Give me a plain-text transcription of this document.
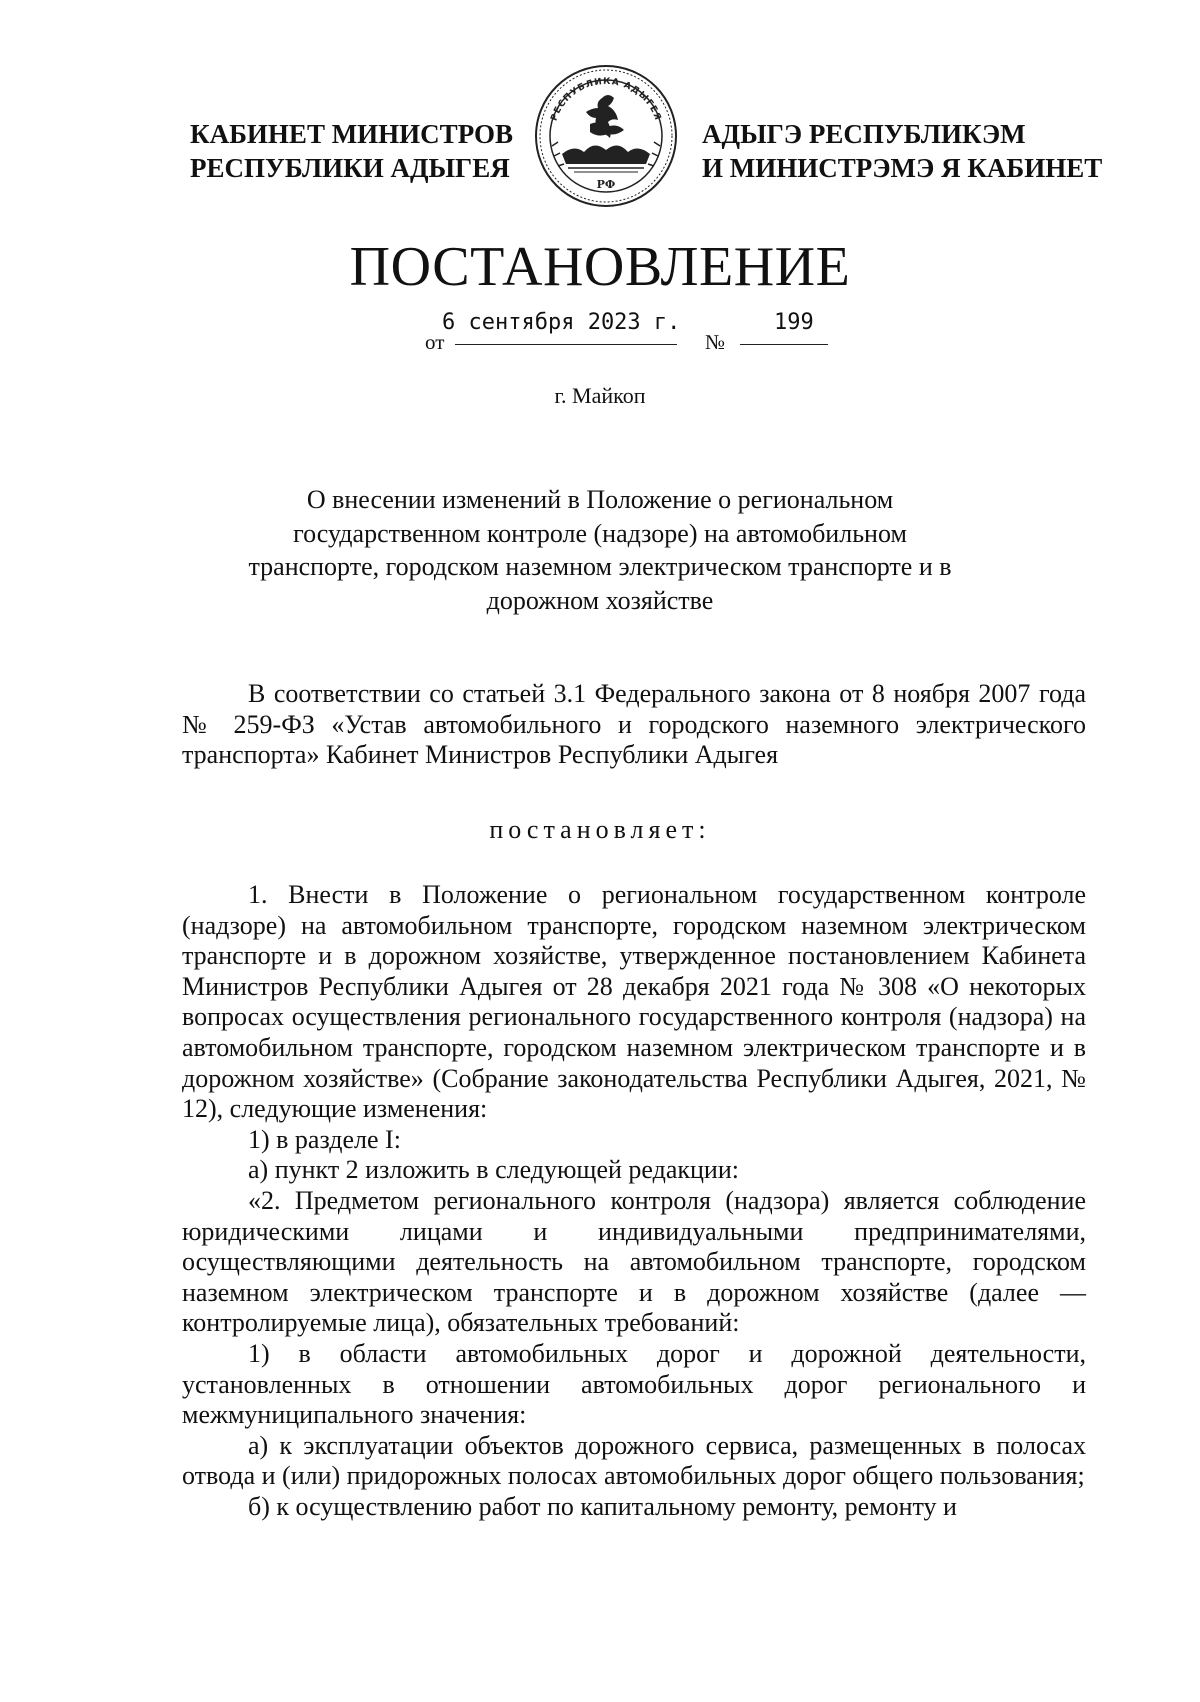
КАБИНЕТ МИНИСТРОВ
РЕСПУБЛИКИ АДЫГЕЯ
РЕСПУБЛИКА АДЫГЕЯ
РФ
АДЫГЭ РЕСПУБЛИКЭМ
И МИНИСТРЭМЭ Я КАБИНЕТ
ПОСТАНОВЛЕНИЕ
от
6 сентября 2023 г.
№
199
г. Майкоп
О внесении изменений в Положение о региональном государственном контроле (надзоре) на автомобильном транспорте, городском наземном электрическом транспорте и в дорожном хозяйстве

В соответствии со статьей 3.1 Федерального закона от 8 ноября 2007 года № 259-ФЗ «Устав автомобильного и городского наземного электрического транспорта» Кабинет Министров Республики Адыгея

постановляет:

1. Внести в Положение о региональном государственном контроле (надзоре) на автомобильном транспорте, городском наземном электрическом транспорте и в дорожном хозяйстве, утвержденное постановлением Кабинета Министров Республики Адыгея от 28 декабря 2021 года № 308 «О некоторых вопросах осуществления регионального государственного контроля (надзора) на автомобильном транспорте, городском наземном электрическом транспорте и в дорожном хозяйстве» (Собрание законодательства Республики Адыгея, 2021, № 12), следующие изменения:

1) в разделе I:

а) пункт 2 изложить в следующей редакции:

«2. Предметом регионального контроля (надзора) является соблюдение юридическими лицами и индивидуальными предпринимателями, осуществляющими деятельность на автомобильном транспорте, городском наземном электрическом транспорте и в дорожном хозяйстве (далее — контролируемые лица), обязательных требований:

1) в области автомобильных дорог и дорожной деятельности, установленных в отношении автомобильных дорог регионального и межмуниципального значения:

а) к эксплуатации объектов дорожного сервиса, размещенных в полосах отвода и (или) придорожных полосах автомобильных дорог общего пользования;

б) к осуществлению работ по капитальному ремонту, ремонту и
